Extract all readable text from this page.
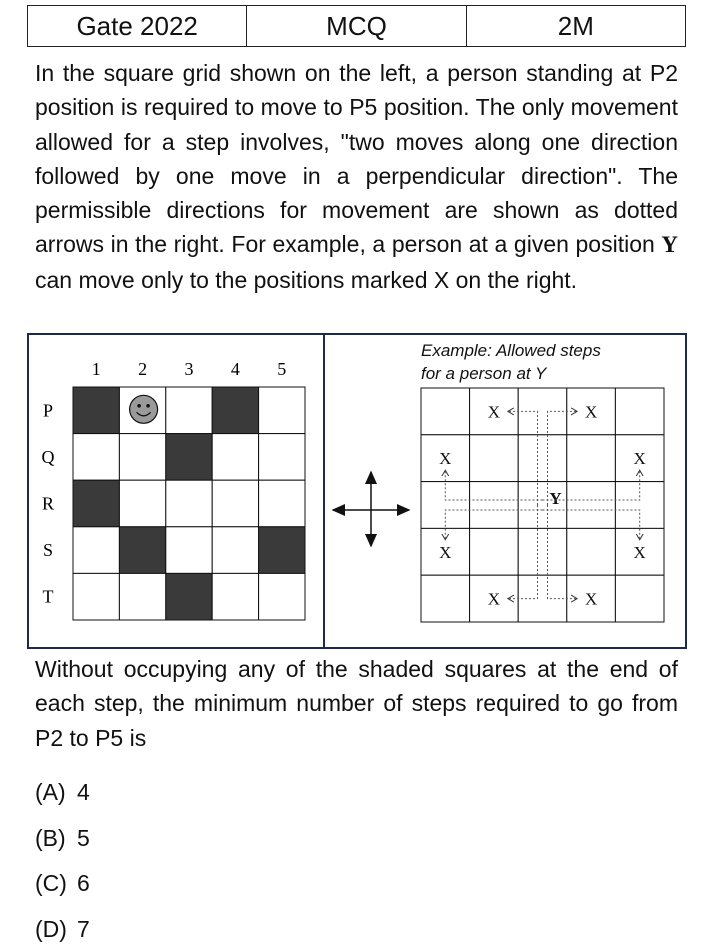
Gate 2022	MCQ	2M
In the square grid shown on the left, a person standing at P2 position is required to move to P5 position. The only movement allowed for a step involves, "two moves along one direction followed by one move in a perpendicular direction". The permissible directions for movement are shown as dotted arrows in the right. For example, a person at a given position Y can move only to the positions marked X on the right.
1 2 3 4 5
P
Q
R
S
T
Example: Allowed steps
for a person at Y
Y
X	X
X	X
X	X
X	X
Without occupying any of the shaded squares at the end of each step, the minimum number of steps required to go from P2 to P5 is
(A) 4
(B) 5
(C) 6
(D) 7
